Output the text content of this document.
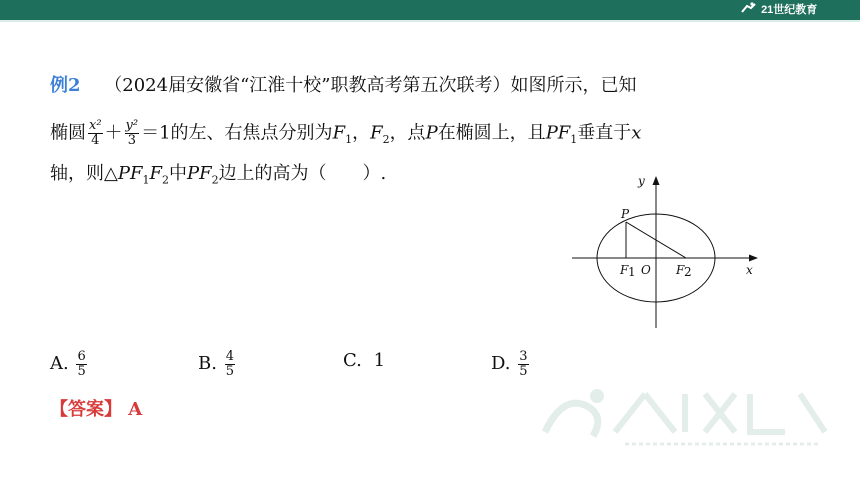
21世纪教育
例2 （2024届安徽省“江淮十校”职教高考第五次联考）如图所示，已知
椭圆 $\frac{\text{x²}}{4} + \frac{\text{y²}}{3} =1$的左、右焦点分别为$F_1$，$F_2$，点P在椭圆上，且$PF_1$垂直于x
轴，则$\triangle PF_1F_2$中$PF_2$边上的高为（　　）.	y
x
P
F 1 O F 2
A. $\frac{6}{5}$	B. $\frac{4}{5}$	C. 1	D. $\frac{3}{5}$
【答案】 A
